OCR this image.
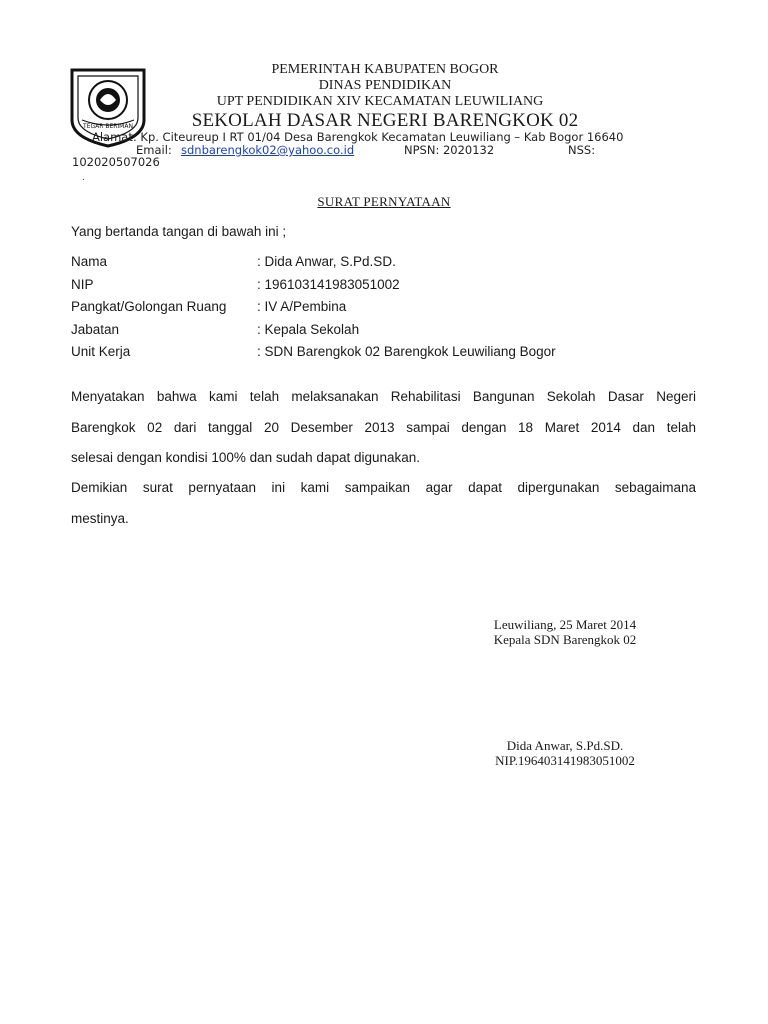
TEGAR BERIMAN
PEMERINTAH KABUPATEN BOGOR
DINAS PENDIDIKAN
UPT PENDIDIKAN XIV KECAMATAN LEUWILIANG
SEKOLAH DASAR NEGERI BARENGKOK 02
Alamat: Kp. Citeureup I RT 01/04 Desa Barengkok Kecamatan Leuwiliang – Kab Bogor 16640
Email: sdnbarengkok02@yahoo.co.id	NPSN: 2020132	NSS:
102020507026
.
SURAT PERNYATAAN
Yang bertanda tangan di bawah ini ;
Nama	: Dida Anwar, S.Pd.SD.
NIP	: 196103141983051002
Pangkat/Golongan Ruang : IV A/Pembina
Jabatan	: Kepala Sekolah
Unit Kerja	: SDN Barengkok 02 Barengkok Leuwiliang Bogor
Menyatakan bahwa kami telah melaksanakan Rehabilitasi Bangunan Sekolah Dasar Negeri
Barengkok 02 dari tanggal 20 Desember 2013 sampai dengan 18 Maret 2014 dan telah
selesai dengan kondisi 100% dan sudah dapat digunakan.
Demikian surat pernyataan ini kami sampaikan agar dapat dipergunakan sebagaimana
mestinya.
Leuwiliang, 25 Maret 2014
Kepala SDN Barengkok 02
Dida Anwar, S.Pd.SD.
NIP.196403141983051002
